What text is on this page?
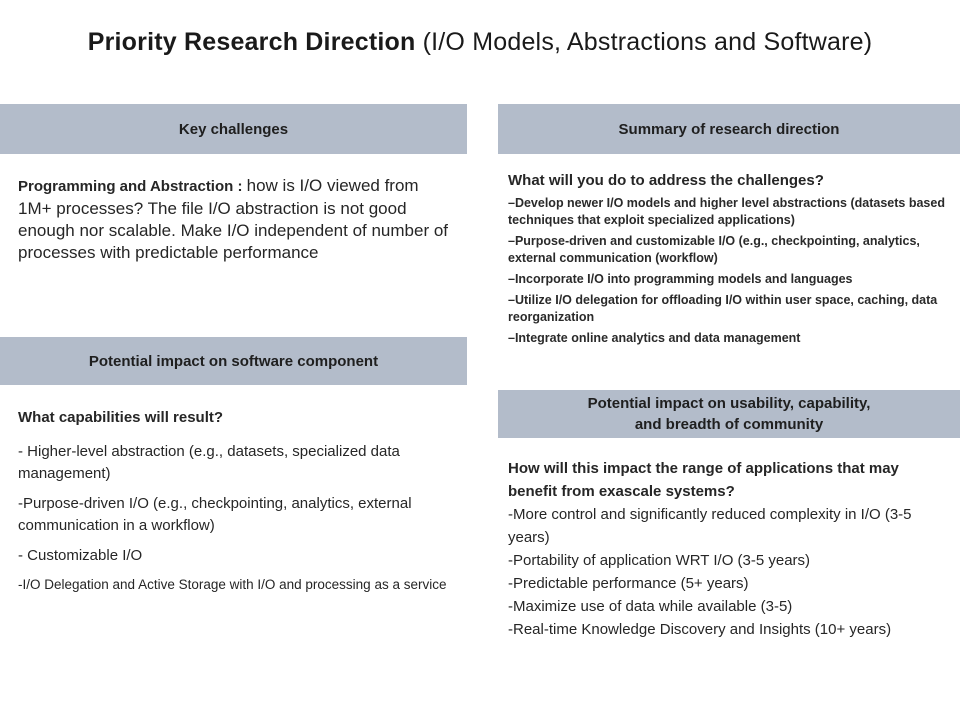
Priority Research Direction (I/O Models, Abstractions and Software)
Key challenges
Programming and Abstraction : how is I/O viewed from 1M+ processes? The file I/O abstraction is not good enough nor scalable. Make I/O independent of number of processes with predictable performance
Summary of research direction
What will you do to address the challenges?
–Develop newer I/O models and higher level abstractions (datasets based techniques that exploit specialized applications)
–Purpose-driven and customizable I/O (e.g., checkpointing, analytics, external communication (workflow)
–Incorporate I/O into programming models and languages
–Utilize I/O delegation for offloading I/O within user space, caching, data reorganization
–Integrate online analytics and data management
Potential impact on software component
What capabilities will result?

- Higher-level abstraction (e.g., datasets, specialized data management)

-Purpose-driven I/O (e.g., checkpointing, analytics, external communication in a workflow)

- Customizable I/O

-I/O Delegation and Active Storage with I/O and processing as a service

Potential impact on usability, capability,
and breadth of community
How will this impact the range of applications that may benefit from exascale systems?

-More control and significantly reduced complexity in I/O (3-5 years)

-Portability of application WRT I/O (3-5 years)

-Predictable performance (5+ years)

-Maximize use of data while available (3-5)

-Real-time Knowledge Discovery and Insights (10+ years)
